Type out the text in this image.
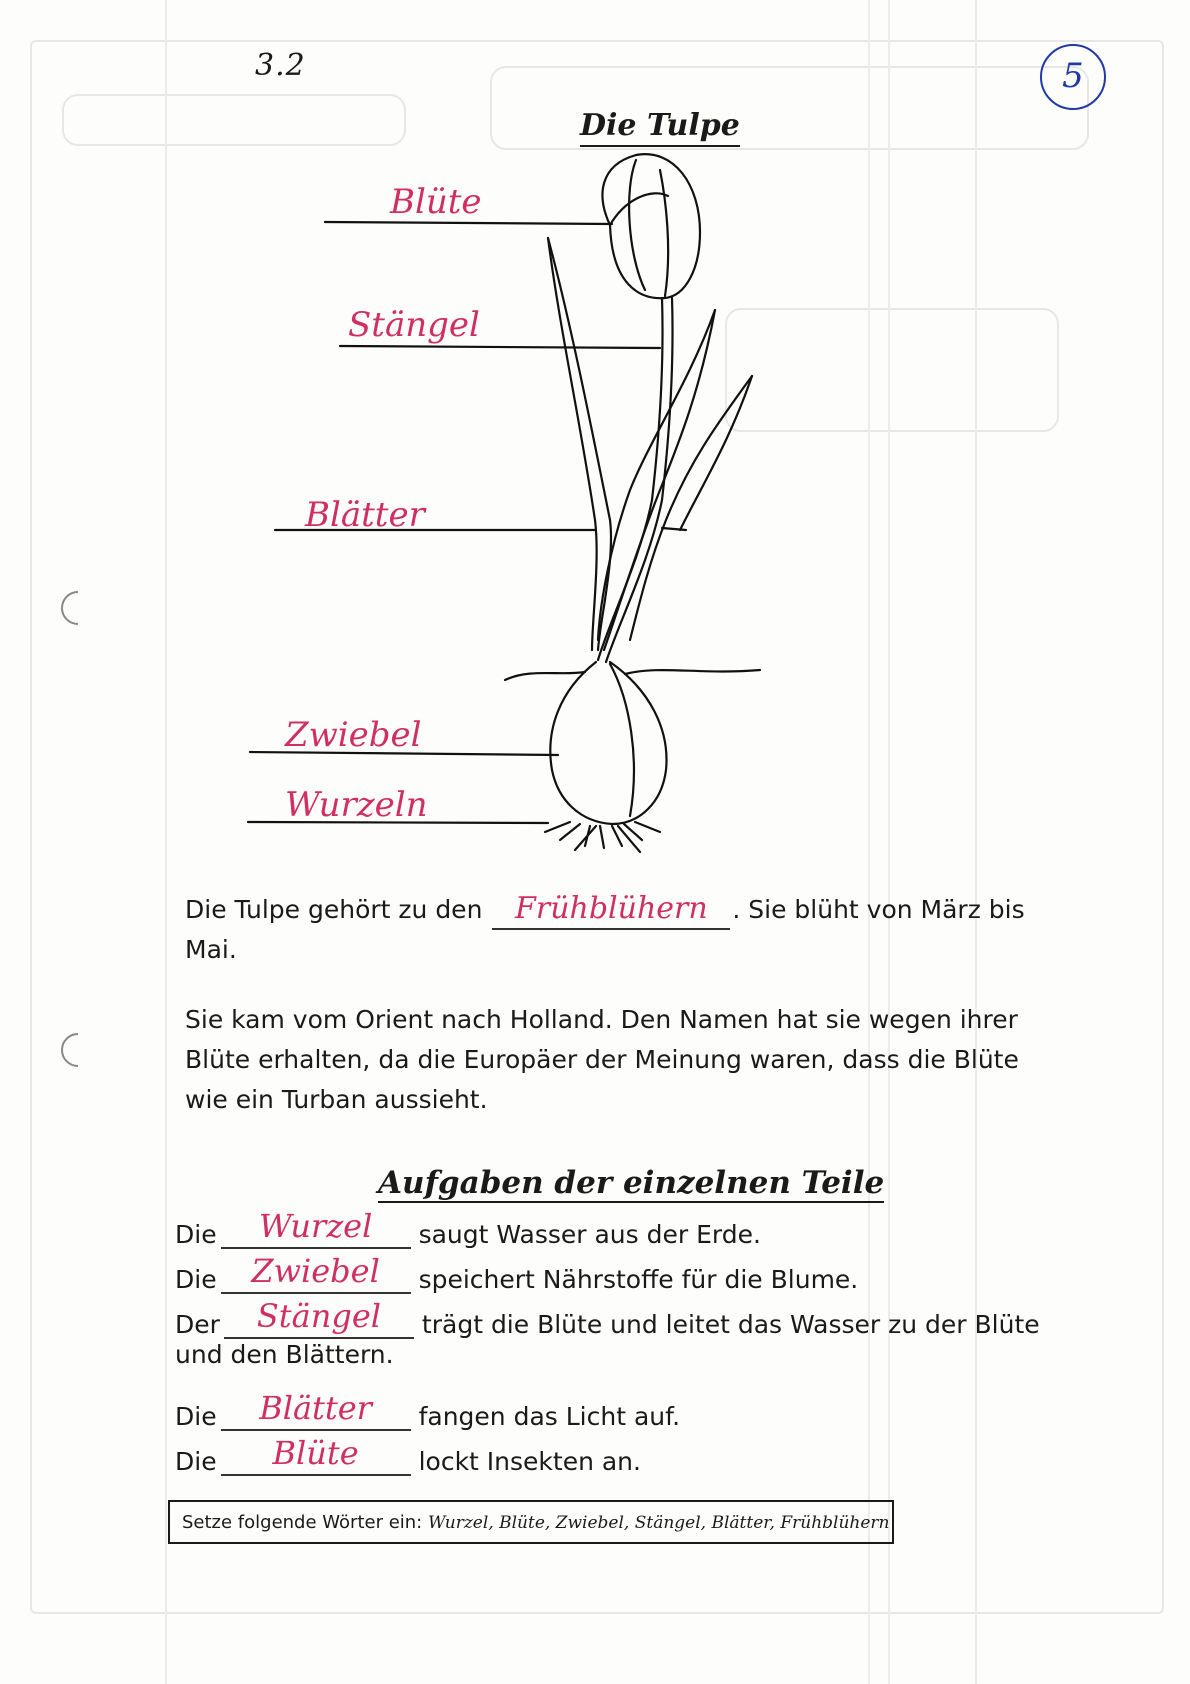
3.2	5
Die Tulpe
Blüte
Stängel
Blätter
Zwiebel
Wurzeln

Die Tulpe gehört zu den Frühblühern . Sie blüht von März bis Mai.

Sie kam vom Orient nach Holland. Den Namen hat sie wegen ihrer Blüte erhalten, da die Europäer der Meinung waren, dass die Blüte wie ein Turban aussieht.

Aufgaben der einzelnen Teile
Die Wurzel saugt Wasser aus der Erde.
Die Zwiebel speichert Nährstoffe für die Blume.
Der Stängel trägt die Blüte und leitet das Wasser zu der Blüte
und den Blättern.
Die Blätter fangen das Licht auf.
Die Blüte lockt Insekten an.
Setze folgende Wörter ein: Wurzel, Blüte, Zwiebel, Stängel, Blätter, Frühblühern
